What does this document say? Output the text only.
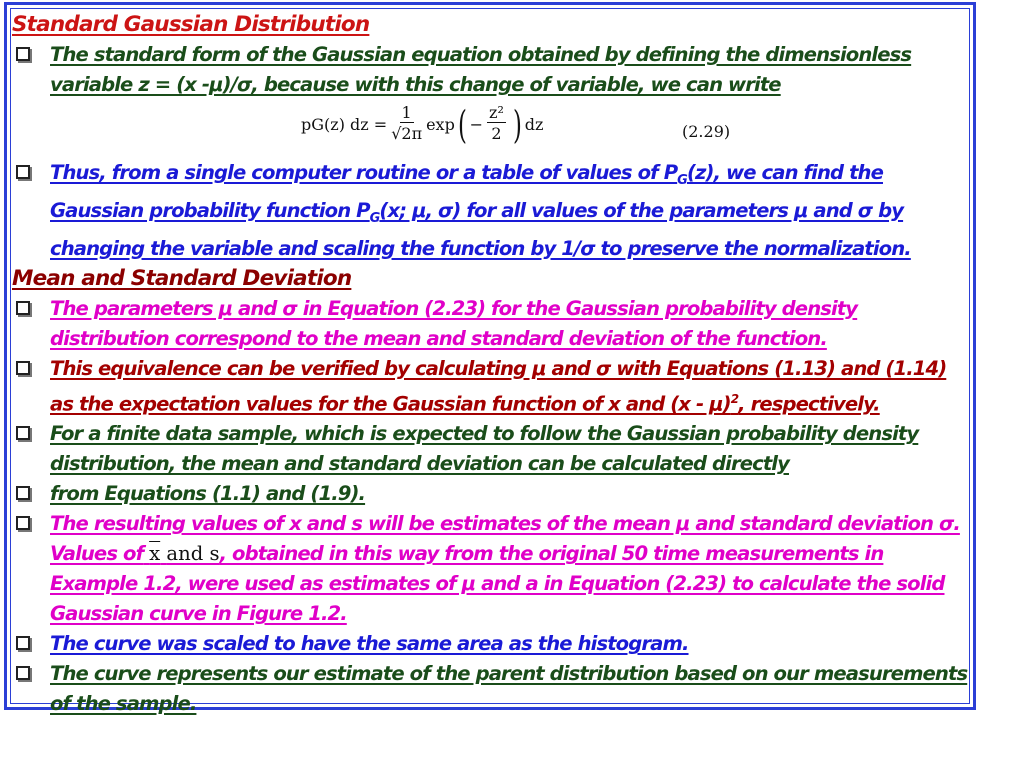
Standard Gaussian Distribution
The standard form of the Gaussian equation obtained by defining the dimensionless
variable z = (x -μ)/σ, because with this change of variable, we can write
pG(z) dz = $\frac{1}{√2\pi}$ exp ( − $\frac{\text{z²}}{2}$ ) dz	(2.29)
Thus, from a single computer routine or a table of values of $P_G(z)$, we can find the
Gaussian probability function $P_G(x$; μ, σ) for all values of the parameters μ and σ by
changing the variable and scaling the function by 1/σ to preserve the normalization.
Mean and Standard Deviation
The parameters μ and σ in Equation (2.23) for the Gaussian probability density
distribution correspond to the mean and standard deviation of the function.
This equivalence can be verified by calculating μ and σ with Equations (1.13) and (1.14)
as the expectation values for the Gaussian function of x and (x - μ)$^2$, respectively.
For a finite data sample, which is expected to follow the Gaussian probability density
distribution, the mean and standard deviation can be calculated directly
from Equations (1.1) and (1.9).
The resulting values of x and s will be estimates of the mean μ and standard deviation σ.
Values of x and s, obtained in this way from the original 50 time measurements in
Example 1.2, were used as estimates of μ and a in Equation (2.23) to calculate the solid
Gaussian curve in Figure 1.2.
The curve was scaled to have the same area as the histogram.
The curve represents our estimate of the parent distribution based on our measurements
of the sample.
